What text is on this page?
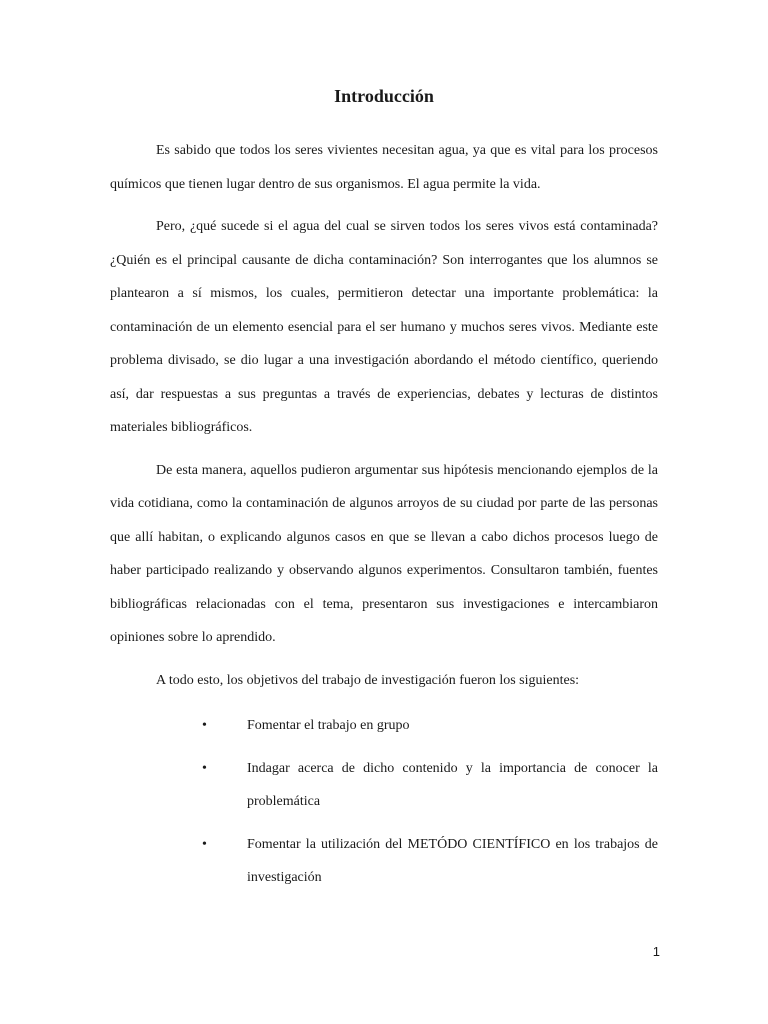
Introducción

Es sabido que todos los seres vivientes necesitan agua, ya que es vital para los procesos químicos que tienen lugar dentro de sus organismos. El agua permite la vida.

Pero, ¿qué sucede si el agua del cual se sirven todos los seres vivos está contaminada? ¿Quién es el principal causante de dicha contaminación? Son interrogantes que los alumnos se plantearon a sí mismos, los cuales, permitieron detectar una importante problemática: la contaminación de un elemento esencial para el ser humano y muchos seres vivos. Mediante este problema divisado, se dio lugar a una investigación abordando el método científico, queriendo así, dar respuestas a sus preguntas a través de experiencias, debates y lecturas de distintos materiales bibliográficos.

De esta manera, aquellos pudieron argumentar sus hipótesis mencionando ejemplos de la vida cotidiana, como la contaminación de algunos arroyos de su ciudad por parte de las personas que allí habitan, o explicando algunos casos en que se llevan a cabo dichos procesos luego de haber participado realizando y observando algunos experimentos. Consultaron también, fuentes bibliográficas relacionadas con el tema, presentaron sus investigaciones e intercambiaron opiniones sobre lo aprendido.

A todo esto, los objetivos del trabajo de investigación fueron los siguientes:

•	Fomentar el trabajo en grupo
•	Indagar acerca de dicho contenido y la importancia de conocer la problemática
•	Fomentar la utilización del METÓDO CIENTÍFICO en los trabajos de investigación
1
